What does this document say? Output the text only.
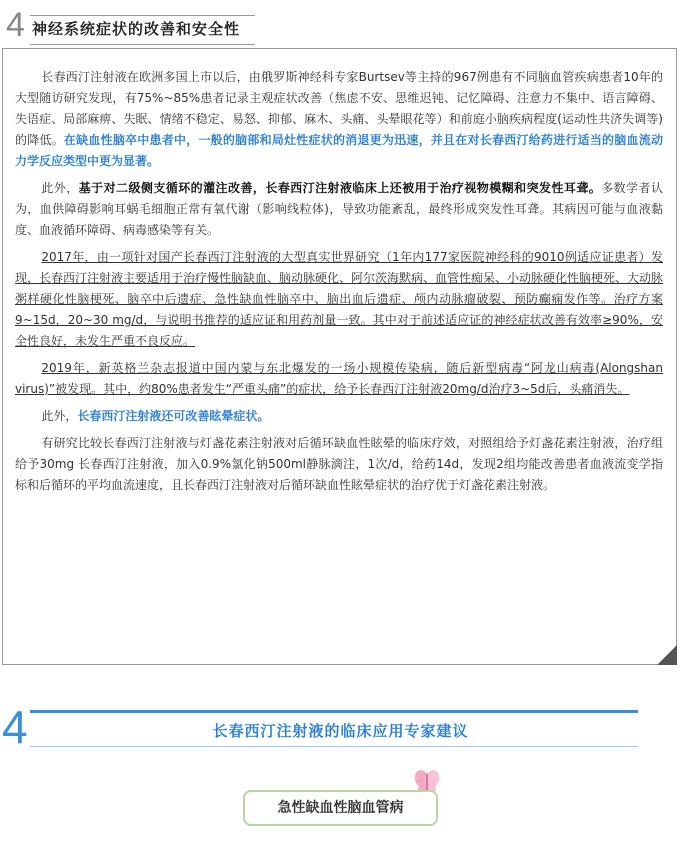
4 神经系统症状的改善和安全性

长春西汀注射液在欧洲多国上市以后，由俄罗斯神经科专家Burtsev等主持的967例患有不同脑血管疾病患者10年的大型随访研究发现，有75%~85%患者记录主观症状改善（焦虑不安、思维迟钝、记忆障碍、注意力不集中、语言障碍、失语症、局部麻痹、失眠、情绪不稳定、易怒、抑郁、麻木、头痛、头晕眼花等）和前庭小脑疾病程度(运动性共济失调等)的降低。在缺血性脑卒中患者中，一般的脑部和局灶性症状的消退更为迅速，并且在对长春西汀给药进行适当的脑血流动力学反应类型中更为显著。

此外，基于对二级侧支循环的灌注改善，长春西汀注射液临床上还被用于治疗视物模糊和突发性耳聋。多数学者认为，血供障碍影响耳蜗毛细胞正常有氧代谢（影响线粒体)，导致功能紊乱，最终形成突发性耳聋。其病因可能与血液黏度、血液循环障碍、病毒感染等有关。

2017年，由一项针对国产长春西汀注射液的大型真实世界研究（1年内177家医院神经科的9010例适应证患者）发现，长春西汀注射液主要适用于治疗慢性脑缺血、脑动脉硬化、阿尔茨海默病、血管性痴呆、小动脉硬化性脑梗死、大动脉粥样硬化性脑梗死、脑卒中后遗症、急性缺血性脑卒中、脑出血后遗症、颅内动脉瘤破裂、预防癫痫发作等。治疗方案9~15d，20~30 mg/d，与说明书推荐的适应证和用药剂量一致。其中对于前述适应证的神经症状改善有效率≥90%，安全性良好，未发生严重不良反应。

2019年，新英格兰杂志报道中国内蒙与东北爆发的一场小规模传染病，随后新型病毒“阿龙山病毒(Alongshan virus)”被发现。其中，约80%患者发生“严重头痛”的症状，给予长春西汀注射液20mg/d治疗3~5d后，头痛消失。

此外，长春西汀注射液还可改善眩晕症状。

有研究比较长春西汀注射液与灯盏花素注射液对后循环缺血性眩晕的临床疗效，对照组给予灯盏花素注射液，治疗组给予30mg 长春西汀注射液，加入0.9%氯化钠500ml静脉滴注，1次/d，给药14d，发现2组均能改善患者血液流变学指标和后循环的平均血流速度，且长春西汀注射液对后循环缺血性眩晕症状的治疗优于灯盏花素注射液。

4	长春西汀注射液的临床应用专家建议
急性缺血性脑血管病
